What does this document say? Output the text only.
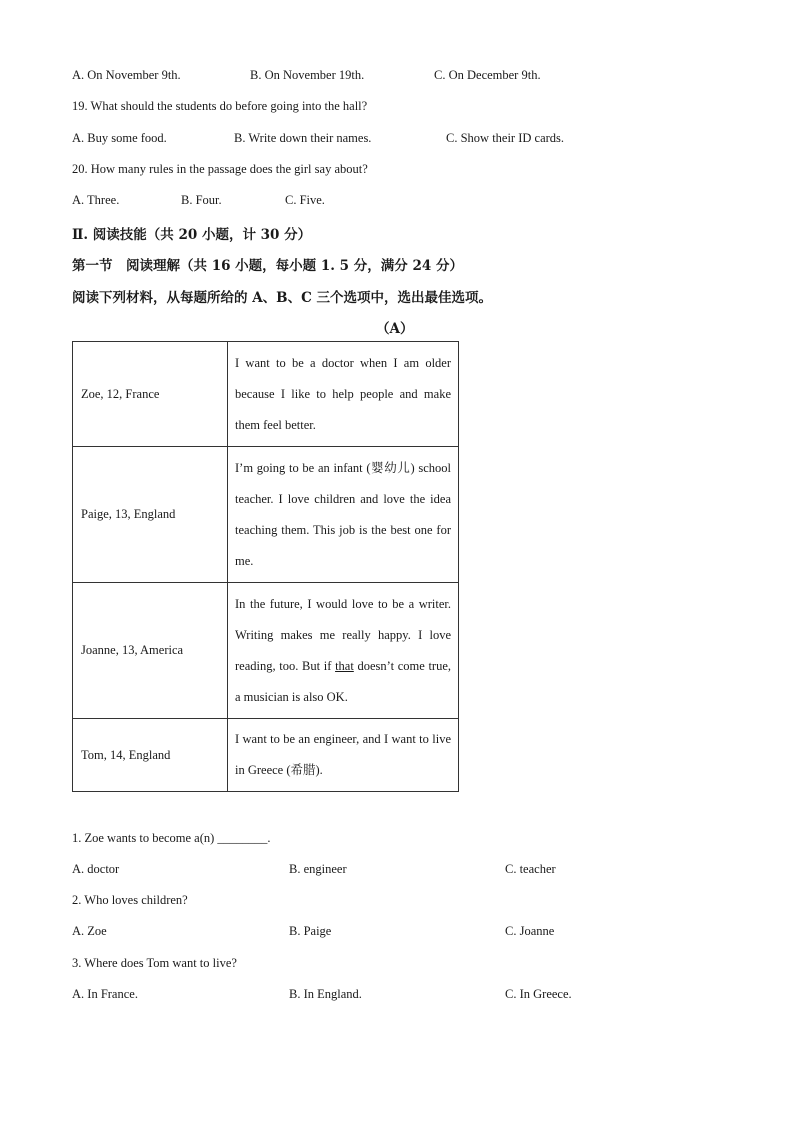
A. On November 9th.	B. On November 19th.	C. On December 9th.
19. What should the students do before going into the hall?
A. Buy some food.	B. Write down their names.	C. Show their ID cards.
20. How many rules in the passage does the girl say about?
A. Three.	B. Four.	C. Five.
Ⅱ. 阅读技能（共 20 小题，计 30 分）
第一节　阅读理解（共 16 小题，每小题 1. 5 分，满分 24 分）
阅读下列材料，从每题所给的 A、B、C 三个选项中，选出最佳选项。
（A）
Zoe, 12, France	I want to be a doctor when I am older because I like to help people and make them feel better.
Paige, 13, England	I’m going to be an infant (婴幼儿) school teacher. I love children and love the idea teaching them. This job is the best one for me.
Joanne, 13, America	In the future, I would love to be a writer. Writing makes me really happy. I love reading, too. But if that doesn’t come true, a musician is also OK.
Tom, 14, England	I want to be an engineer, and I want to live in Greece (希腊).
1. Zoe wants to become a(n) ________.
A. doctor	B. engineer	C. teacher
2. Who loves children?
A. Zoe	B. Paige	C. Joanne
3. Where does Tom want to live?
A. In France.	B. In England.	C. In Greece.
